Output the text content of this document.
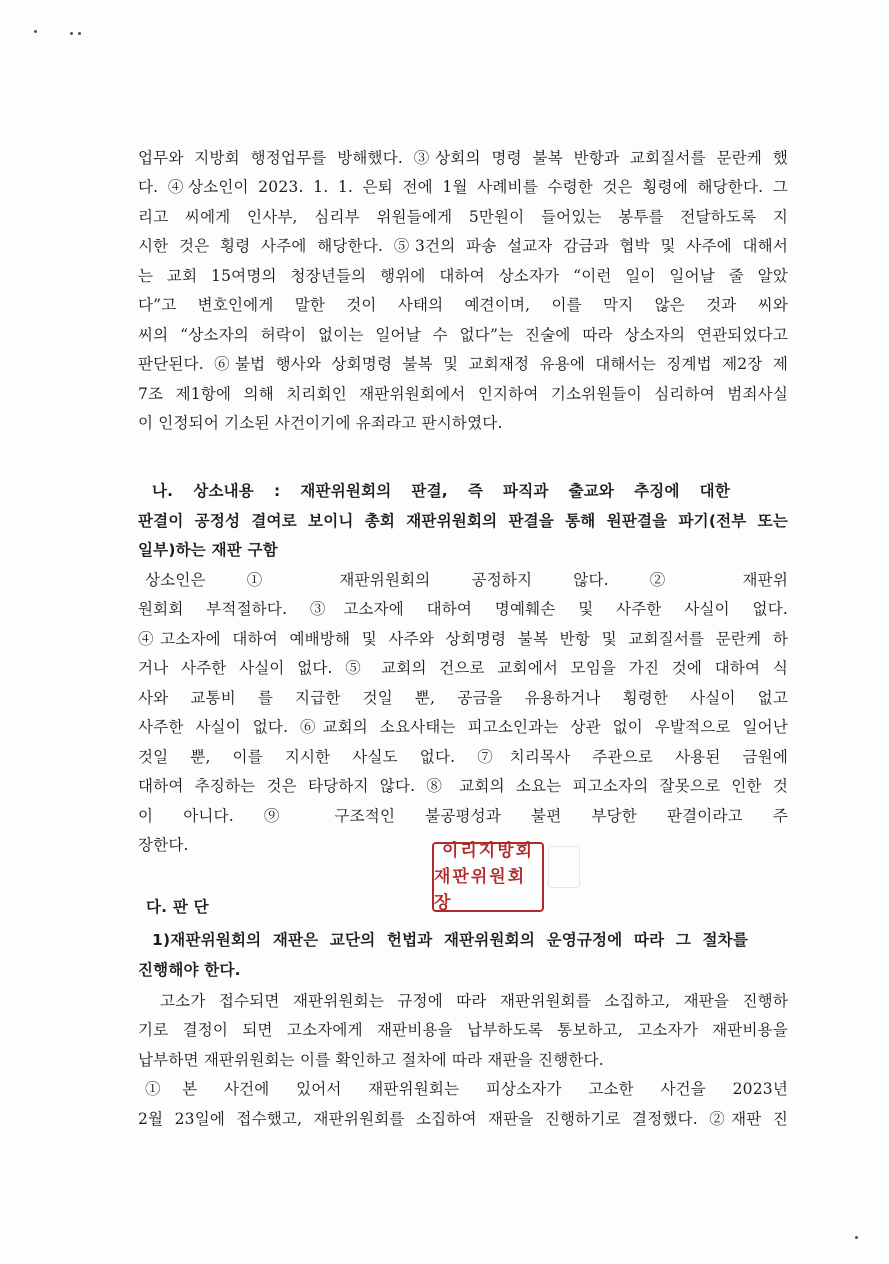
업무와 지방회 행정업무를 방해했다. ③상회의 명령 불복 반항과 교회질서를 문란케 했
다. ④상소인이 2023. 1. 1. 은퇴 전에 1월 사례비를 수령한 것은 횡령에 해당한다. 그
리고 씨에게 인사부, 심리부 위원들에게 5만원이 들어있는 봉투를 전달하도록 지
시한 것은 횡령 사주에 해당한다. ⑤3건의 파송 설교자 감금과 협박 및 사주에 대해서
는 교회 15여명의 청장년들의 행위에 대하여 상소자가 “이런 일이 일어날 줄 알았
다”고 변호인에게 말한 것이 사태의 예견이며, 이를 막지 않은 것과 씨와
씨의 “상소자의 허락이 없이는 일어날 수 없다”는 진술에 따라 상소자의 연관되었다고
판단된다. ⑥불법 행사와 상회명령 불복 및 교회재정 유용에 대해서는 징계법 제2장 제
7조 제1항에 의해 치리회인 재판위원회에서 인지하여 기소위원들이 심리하여 범죄사실
이 인정되어 기소된 사건이기에 유죄라고 판시하였다.
나. 상소내용 : 재판위원회의 판결, 즉 파직과 출교와 추징에 대한
판결이 공정성 결여로 보이니 총회 재판위원회의 판결을 통해 원판결을 파기(전부 또는
일부)하는 재판 구함
상소인은 ① 재판위원회의 공정하지 않다. ② 재판위
원회회 부적절하다. ③고소자에 대하여 명예훼손 및 사주한 사실이 없다.
④고소자에 대하여 예배방해 및 사주와 상회명령 불복 반항 및 교회질서를 문란케 하
거나 사주한 사실이 없다. ⑤ 교회의 건으로 교회에서 모임을 가진 것에 대하여 식
사와 교통비 를 지급한 것일 뿐, 공금을 유용하거나 횡령한 사실이 없고
사주한 사실이 없다. ⑥교회의 소요사태는 피고소인과는 상관 없이 우발적으로 일어난
것일 뿐, 이를 지시한 사실도 없다. ⑦치리목사 주관으로 사용된 금원에
대하여 추징하는 것은 타당하지 않다. ⑧ 교회의 소요는 피고소자의 잘못으로 인한 것
이 아니다. ⑨ 구조적인 불공평성과 불편 부당한 판결이라고 주
장한다.	이리지방회
재판위원회장
다. 판 단
1)재판위원회의 재판은 교단의 헌법과 재판위원회의 운영규정에 따라 그 절차를
진행해야 한다.
고소가 접수되면 재판위원회는 규정에 따라 재판위원회를 소집하고, 재판을 진행하
기로 결정이 되면 고소자에게 재판비용을 납부하도록 통보하고, 고소자가 재판비용을
납부하면 재판위원회는 이를 확인하고 절차에 따라 재판을 진행한다.
①본 사건에 있어서 재판위원회는 피상소자가 고소한 사건을 2023년
2월 23일에 접수했고, 재판위원회를 소집하여 재판을 진행하기로 결정했다. ②재판 진
